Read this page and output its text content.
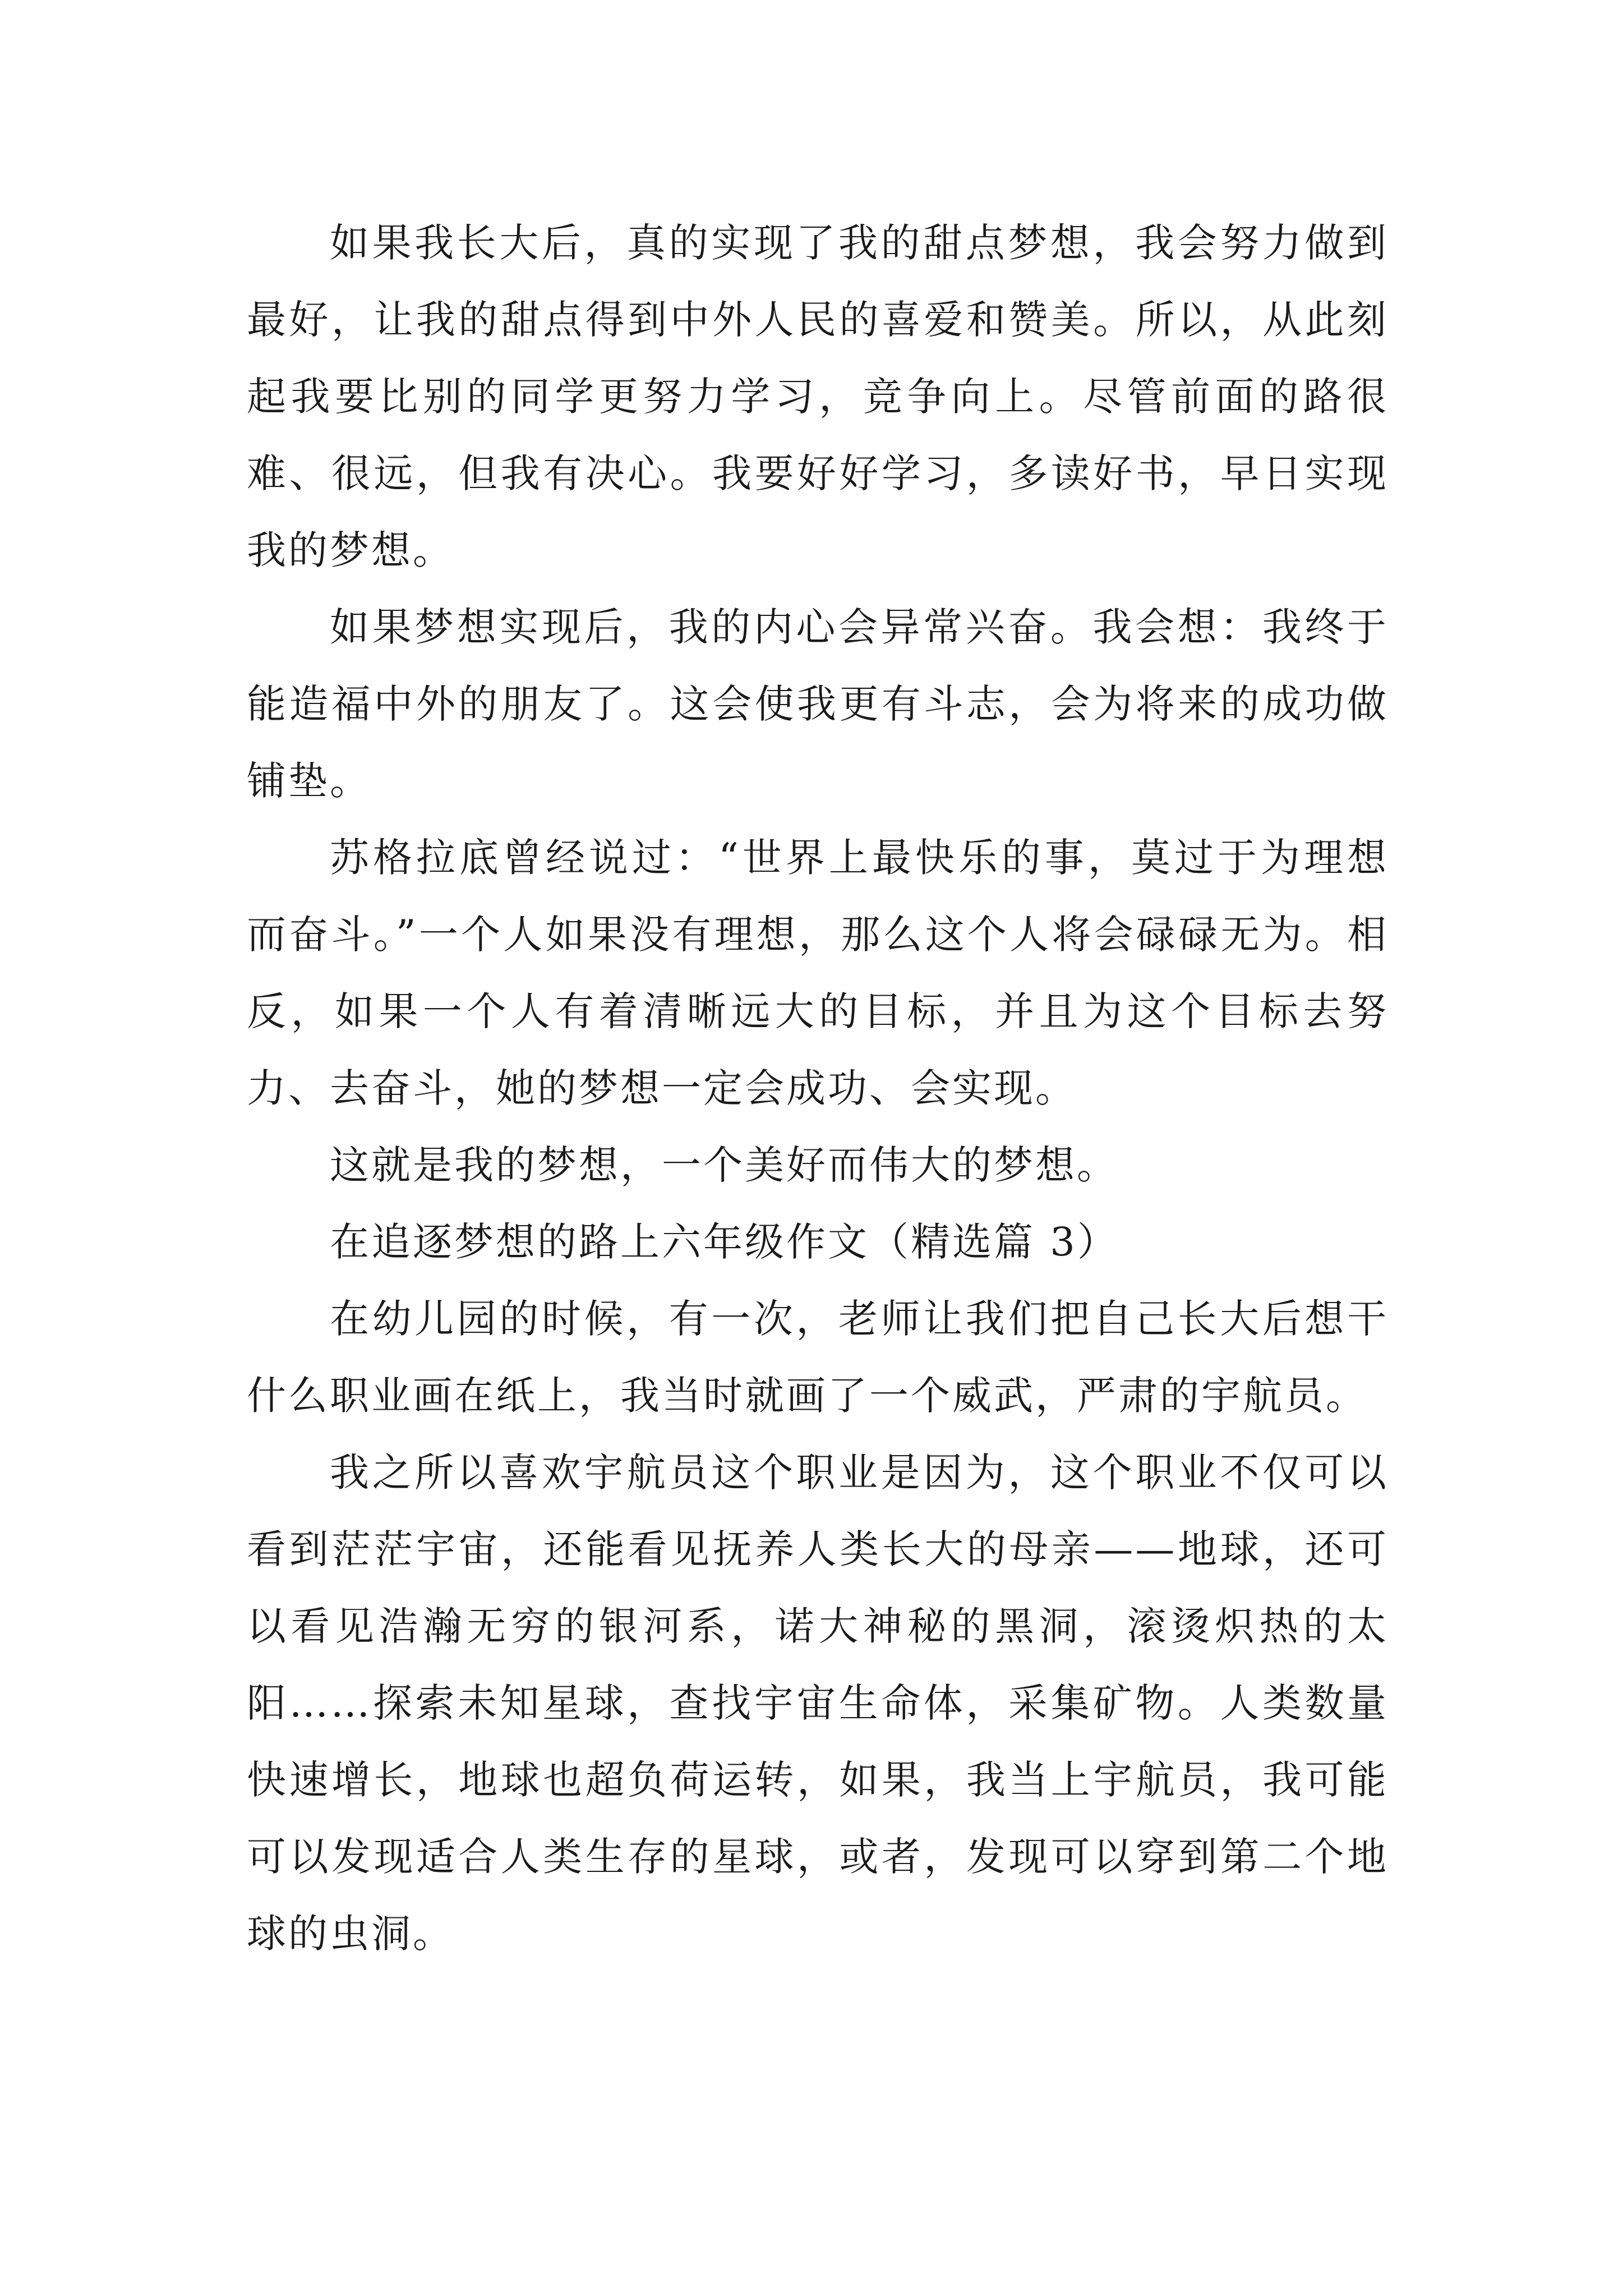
如果我长大后，真的实现了我的甜点梦想，我会努力做到最好，让我的甜点得到中外人民的喜爱和赞美。所以，从此刻起我要比别的同学更努力学习，竞争向上。尽管前面的路很难、很远，但我有决心。我要好好学习，多读好书，早日实现我的梦想。

如果梦想实现后，我的内心会异常兴奋。我会想：我终于能造福中外的朋友了。这会使我更有斗志，会为将来的成功做铺垫。

苏格拉底曾经说过：“世界上最快乐的事，莫过于为理想而奋斗。”一个人如果没有理想，那么这个人将会碌碌无为。相反，如果一个人有着清晰远大的目标，并且为这个目标去努力、去奋斗，她的梦想一定会成功、会实现。

这就是我的梦想，一个美好而伟大的梦想。

在追逐梦想的路上六年级作文（精选篇 3）

在幼儿园的时候，有一次，老师让我们把自己长大后想干什么职业画在纸上，我当时就画了一个威武，严肃的宇航员。

我之所以喜欢宇航员这个职业是因为，这个职业不仅可以看到茫茫宇宙，还能看见抚养人类长大的母亲——地球，还可以看见浩瀚无穷的银河系，诺大神秘的黑洞，滚烫炽热的太阳……探索未知星球，查找宇宙生命体，采集矿物。人类数量快速增长，地球也超负荷运转，如果，我当上宇航员，我可能可以发现适合人类生存的星球，或者，发现可以穿到第二个地球的虫洞。
